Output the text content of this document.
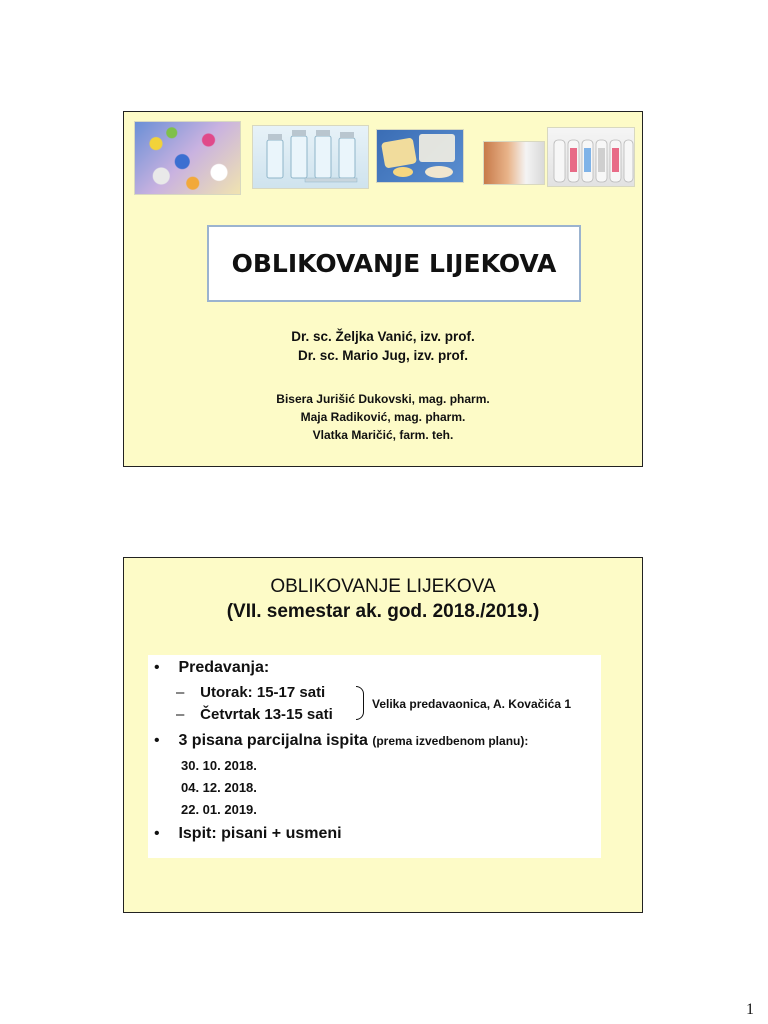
OBLIKOVANJE LIJEKOVA
Dr. sc. Željka Vanić, izv. prof.
Dr. sc. Mario Jug, izv. prof.
Bisera Jurišić Dukovski, mag. pharm.
Maja Radiković, mag. pharm.
Vlatka Maričić, farm. teh.
OBLIKOVANJE LIJEKOVA
(VII. semestar ak. god. 2018./2019.)
• Predavanja:
– Utorak: 15-17 sati
– Četvrtak 13-15 sati
Velika predavaonica, A. Kovačića 1
• 3 pisana parcijalna ispita (prema izvedbenom planu):
30. 10. 2018.
04. 12. 2018.
22. 01. 2019.
• Ispit: pisani + usmeni
1
